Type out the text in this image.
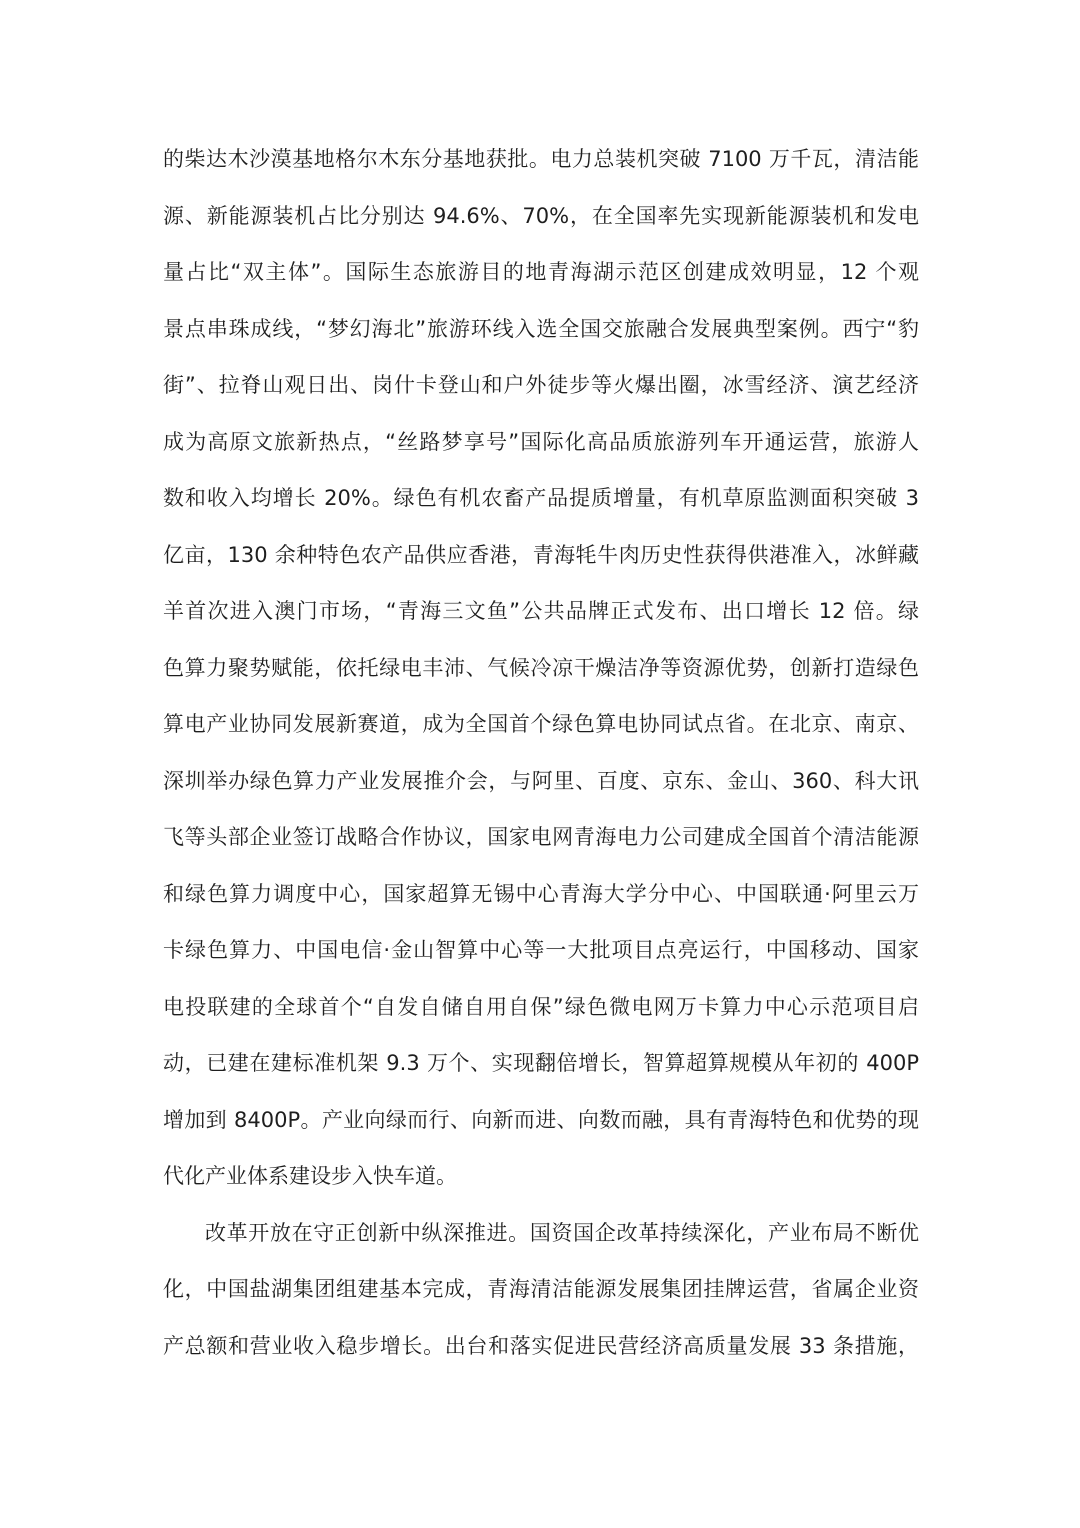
的柴达木沙漠基地格尔木东分基地获批。电力总装机突破 7100 万千瓦，清洁能
源、新能源装机占比分别达 94.6%、70%，在全国率先实现新能源装机和发电
量占比“双主体”。国际生态旅游目的地青海湖示范区创建成效明显，12 个观
景点串珠成线，“梦幻海北”旅游环线入选全国交旅融合发展典型案例。西宁“豹
街”、拉脊山观日出、岗什卡登山和户外徒步等火爆出圈，冰雪经济、演艺经济
成为高原文旅新热点，“丝路梦享号”国际化高品质旅游列车开通运营，旅游人
数和收入均增长 20%。绿色有机农畜产品提质增量，有机草原监测面积突破 3
亿亩，130 余种特色农产品供应香港，青海牦牛肉历史性获得供港准入，冰鲜藏
羊首次进入澳门市场，“青海三文鱼”公共品牌正式发布、出口增长 12 倍。绿
色算力聚势赋能，依托绿电丰沛、气候冷凉干燥洁净等资源优势，创新打造绿色
算电产业协同发展新赛道，成为全国首个绿色算电协同试点省。在北京、南京、
深圳举办绿色算力产业发展推介会，与阿里、百度、京东、金山、360、科大讯
飞等头部企业签订战略合作协议，国家电网青海电力公司建成全国首个清洁能源
和绿色算力调度中心，国家超算无锡中心青海大学分中心、中国联通·阿里云万
卡绿色算力、中国电信·金山智算中心等一大批项目点亮运行，中国移动、国家
电投联建的全球首个“自发自储自用自保”绿色微电网万卡算力中心示范项目启
动，已建在建标准机架 9.3 万个、实现翻倍增长，智算超算规模从年初的 400P
增加到 8400P。产业向绿而行、向新而进、向数而融，具有青海特色和优势的现
代化产业体系建设步入快车道。
改革开放在守正创新中纵深推进。国资国企改革持续深化，产业布局不断优
化，中国盐湖集团组建基本完成，青海清洁能源发展集团挂牌运营，省属企业资
产总额和营业收入稳步增长。出台和落实促进民营经济高质量发展 33 条措施，
